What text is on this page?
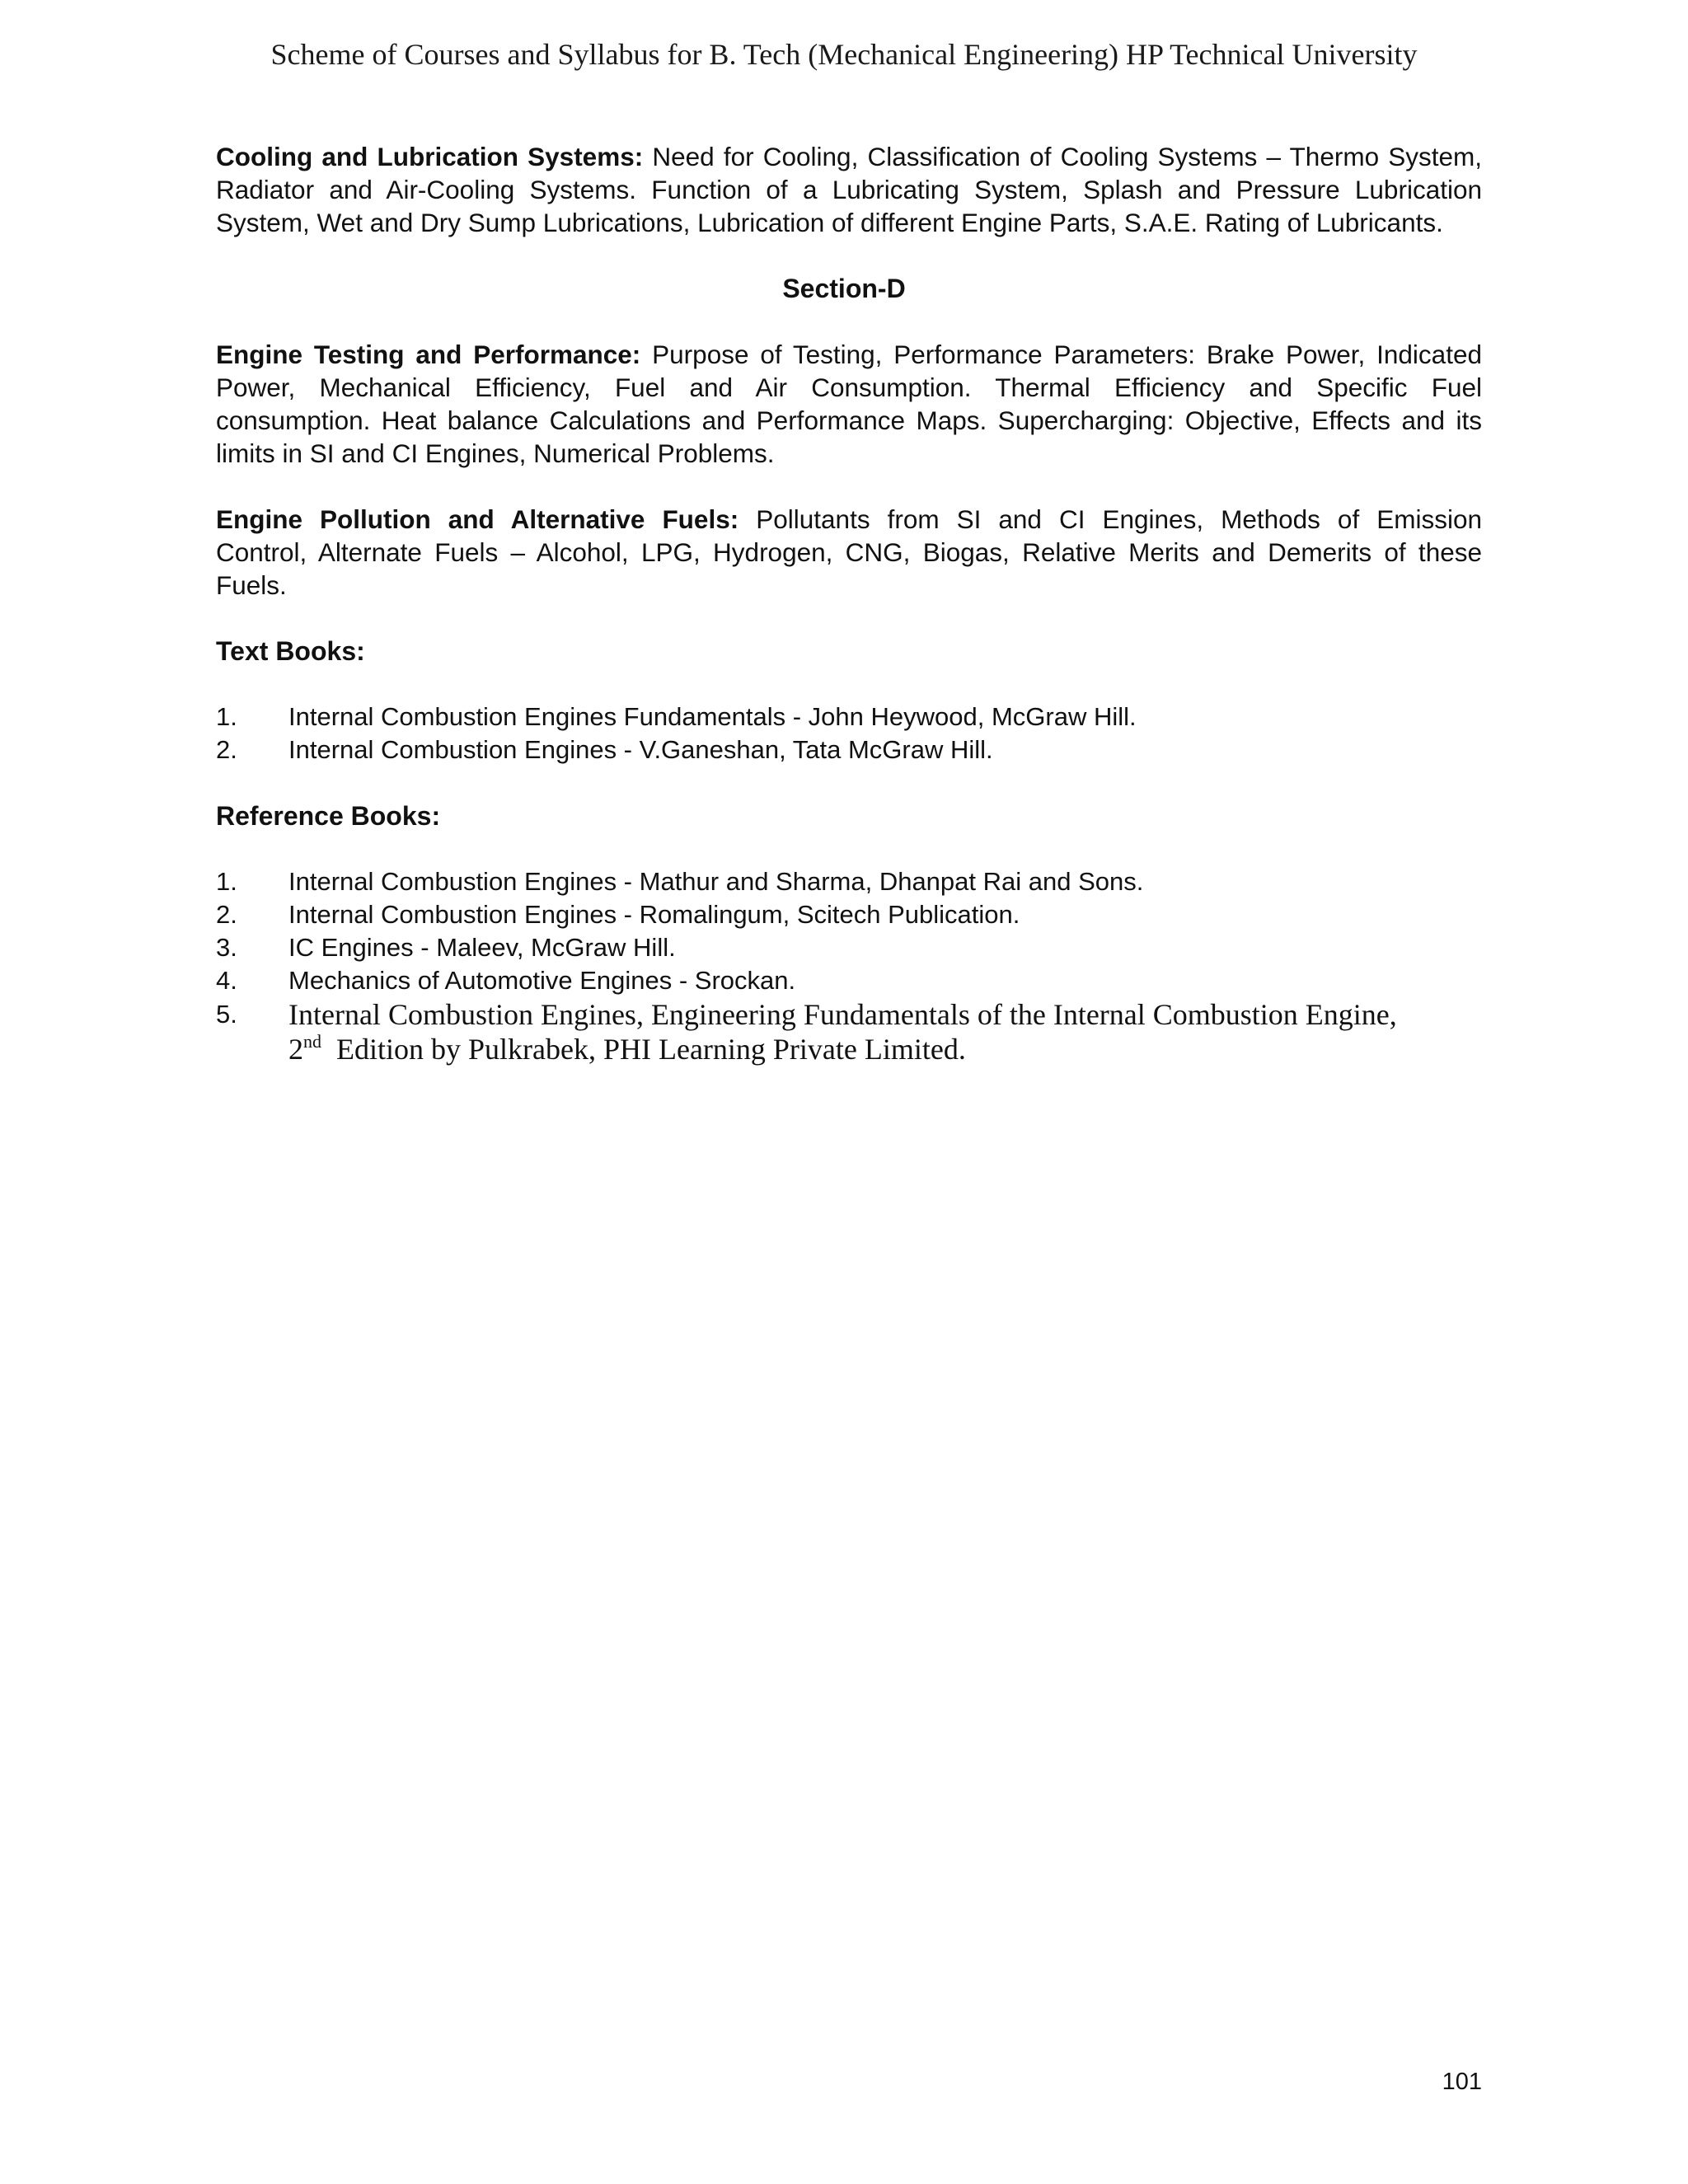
Scheme of Courses and Syllabus for B. Tech (Mechanical Engineering) HP Technical University
Cooling and Lubrication Systems: Need for Cooling, Classification of Cooling Systems – Thermo System,
Radiator and Air-Cooling Systems. Function of a Lubricating System, Splash and Pressure Lubrication
System, Wet and Dry Sump Lubrications, Lubrication of different Engine Parts, S.A.E. Rating of Lubricants.
Section-D
Engine Testing and Performance: Purpose of Testing, Performance Parameters: Brake Power, Indicated
Power, Mechanical Efficiency, Fuel and Air Consumption. Thermal Efficiency and Specific Fuel
consumption. Heat balance Calculations and Performance Maps. Supercharging: Objective, Effects and its
limits in SI and CI Engines, Numerical Problems.
Engine Pollution and Alternative Fuels: Pollutants from SI and CI Engines, Methods of Emission
Control, Alternate Fuels – Alcohol, LPG, Hydrogen, CNG, Biogas, Relative Merits and Demerits of these
Fuels.
Text Books:
1. Internal Combustion Engines Fundamentals - John Heywood, McGraw Hill.
2. Internal Combustion Engines - V.Ganeshan, Tata McGraw Hill.
Reference Books:
1. Internal Combustion Engines - Mathur and Sharma, Dhanpat Rai and Sons.
2. Internal Combustion Engines - Romalingum, Scitech Publication.
3. IC Engines - Maleev, McGraw Hill.
4. Mechanics of Automotive Engines - Srockan.
5. Internal Combustion Engines, Engineering Fundamentals of the Internal Combustion Engine,
2nd Edition by Pulkrabek, PHI Learning Private Limited.
101
